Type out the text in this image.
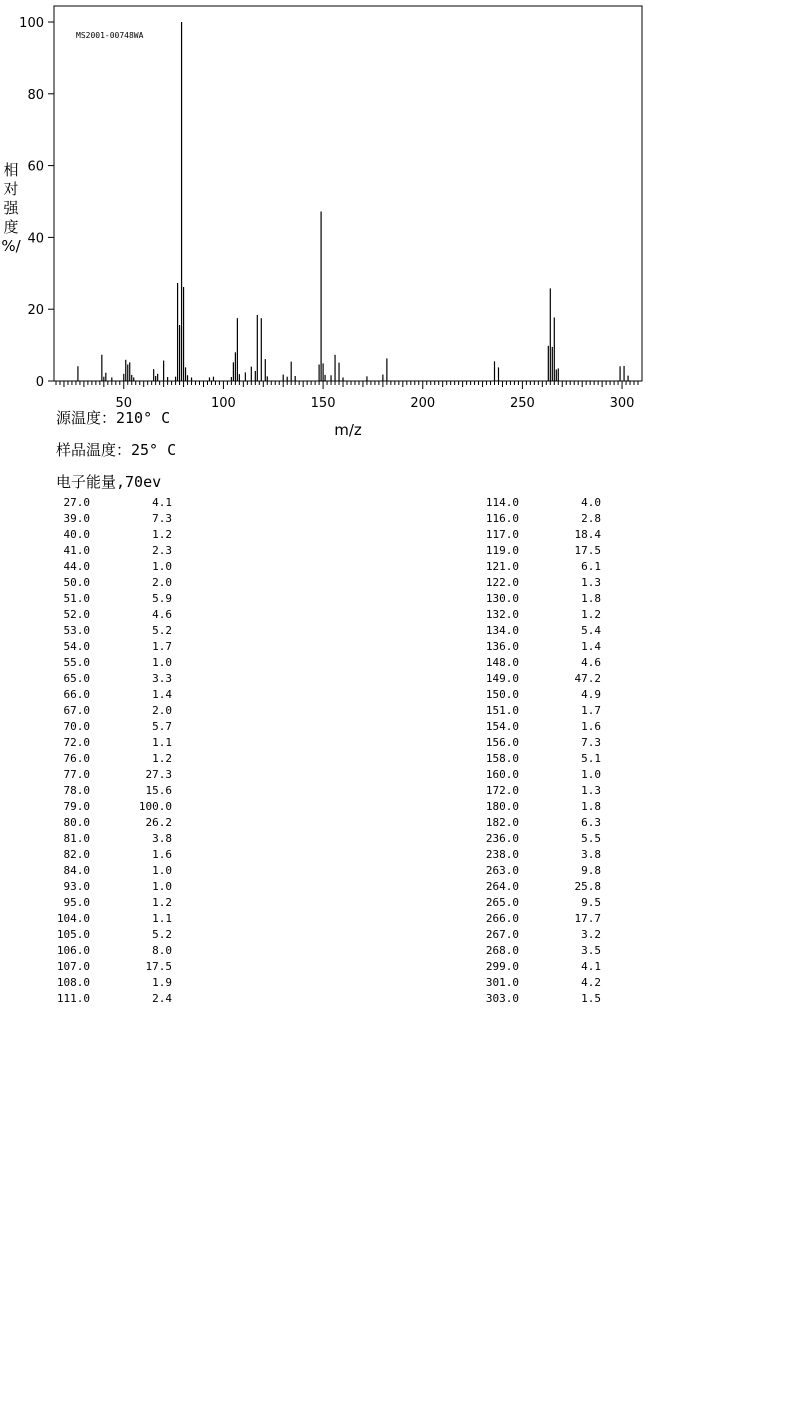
MS2001-00748WA
0
20
40
60
80
100
50	100	150	200	250	300
m/z
相
对
强
度
%/
源温度：210° C
样品温度：25° C
电子能量,70ev
27.0	4.1
39.0	7.3
40.0	1.2
41.0	2.3
44.0	1.0
50.0	2.0
51.0	5.9
52.0	4.6
53.0	5.2
54.0	1.7
55.0	1.0
65.0	3.3
66.0	1.4
67.0	2.0
70.0	5.7
72.0	1.1
76.0	1.2
77.0	27.3
78.0	15.6
79.0	100.0
80.0	26.2
81.0	3.8
82.0	1.6
84.0	1.0
93.0	1.0
95.0	1.2
104.0	1.1
105.0	5.2
106.0	8.0
107.0	17.5
108.0	1.9
111.0	2.4
114.0	4.0
116.0	2.8
117.0	18.4
119.0	17.5
121.0	6.1
122.0	1.3
130.0	1.8
132.0	1.2
134.0	5.4
136.0	1.4
148.0	4.6
149.0	47.2
150.0	4.9
151.0	1.7
154.0	1.6
156.0	7.3
158.0	5.1
160.0	1.0
172.0	1.3
180.0	1.8
182.0	6.3
236.0	5.5
238.0	3.8
263.0	9.8
264.0	25.8
265.0	9.5
266.0	17.7
267.0	3.2
268.0	3.5
299.0	4.1
301.0	4.2
303.0	1.5
